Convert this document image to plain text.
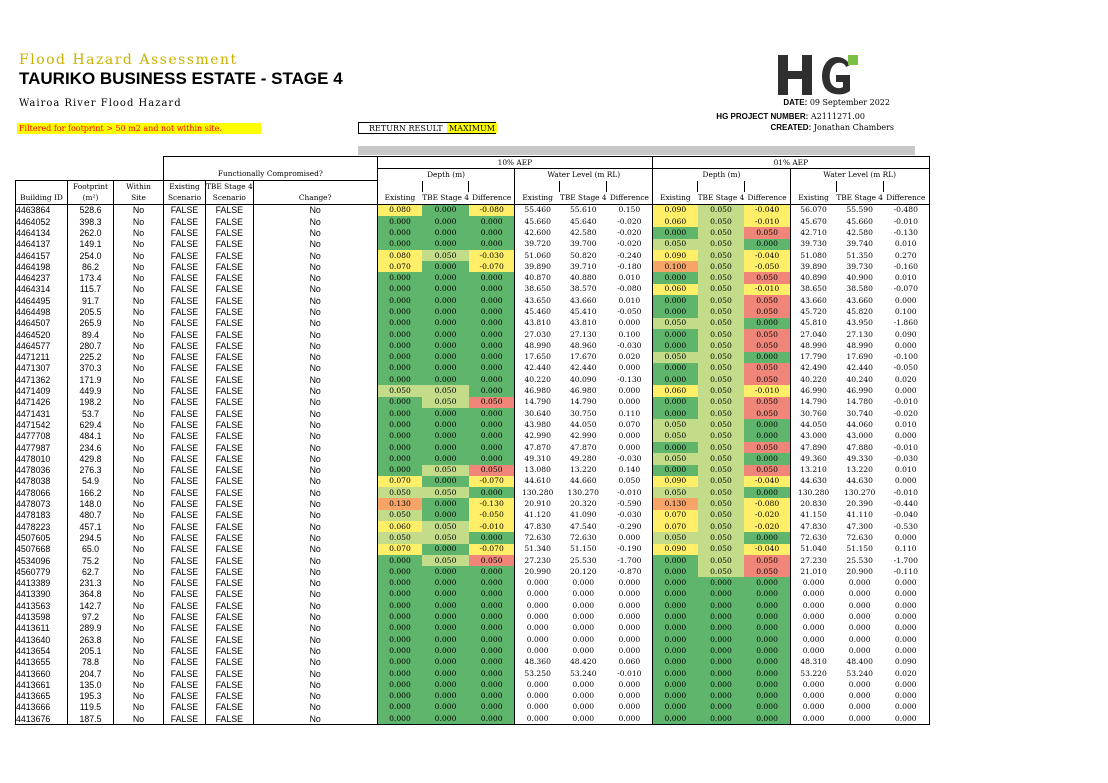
Flood Hazard Assessment
TAURIKO BUSINESS ESTATE - STAGE 4
Wairoa River Flood Hazard
Filtered for footprint > 50 m2 and not within site.	RETURN RESULT MAXIMUM
DATE: 09 September 2022
HG PROJECT NUMBER: A2111271.00
CREATED: Jonathan Chambers
						10% AEP						01% AEP					
			Functionally Compromised?			Depth (m)			Water Level (m RL)			Depth (m)			Water Level (m RL)		
	Footprint	Within	Existing	TBE Stage 4													
Building ID	(m²)	Site	Scenario	Scenario	Change?	Existing	TBE Stage 4	Difference	Existing	TBE Stage 4	Difference	Existing	TBE Stage 4	Difference	Existing	TBE Stage 4	Difference
4463864	528.6	No	FALSE	FALSE	No	0.080	0.000	-0.080	55.460	55.610	0.150	0.090	0.050	-0.040	56.070	55.590	-0.480
4464052	398.3	No	FALSE	FALSE	No	0.000	0.000	0.000	45.660	45.640	-0.020	0.060	0.050	-0.010	45.670	45.660	-0.010
4464134	262.0	No	FALSE	FALSE	No	0.000	0.000	0.000	42.600	42.580	-0.020	0.000	0.050	0.050	42.710	42.580	-0.130
4464137	149.1	No	FALSE	FALSE	No	0.000	0.000	0.000	39.720	39.700	-0.020	0.050	0.050	0.000	39.730	39.740	0.010
4464157	254.0	No	FALSE	FALSE	No	0.080	0.050	-0.030	51.060	50.820	-0.240	0.090	0.050	-0.040	51.080	51.350	0.270
4464198	86.2	No	FALSE	FALSE	No	0.070	0.000	-0.070	39.890	39.710	-0.180	0.100	0.050	-0.050	39.890	39.730	-0.160
4464237	173.4	No	FALSE	FALSE	No	0.000	0.000	0.000	40.870	40.880	0.010	0.000	0.050	0.050	40.890	40.900	0.010
4464314	115.7	No	FALSE	FALSE	No	0.000	0.000	0.000	38.650	38.570	-0.080	0.060	0.050	-0.010	38.650	38.580	-0.070
4464495	91.7	No	FALSE	FALSE	No	0.000	0.000	0.000	43.650	43.660	0.010	0.000	0.050	0.050	43.660	43.660	0.000
4464498	205.5	No	FALSE	FALSE	No	0.000	0.000	0.000	45.460	45.410	-0.050	0.000	0.050	0.050	45.720	45.820	0.100
4464507	265.9	No	FALSE	FALSE	No	0.000	0.000	0.000	43.810	43.810	0.000	0.050	0.050	0.000	45.810	43.950	-1.860
4464520	89.4	No	FALSE	FALSE	No	0.000	0.000	0.000	27.030	27.130	0.100	0.000	0.050	0.050	27.040	27.130	0.090
4464577	280.7	No	FALSE	FALSE	No	0.000	0.000	0.000	48.990	48.960	-0.030	0.000	0.050	0.050	48.990	48.990	0.000
4471211	225.2	No	FALSE	FALSE	No	0.000	0.000	0.000	17.650	17.670	0.020	0.050	0.050	0.000	17.790	17.690	-0.100
4471307	370.3	No	FALSE	FALSE	No	0.000	0.000	0.000	42.440	42.440	0.000	0.000	0.050	0.050	42.490	42.440	-0.050
4471362	171.9	No	FALSE	FALSE	No	0.000	0.000	0.000	40.220	40.090	-0.130	0.000	0.050	0.050	40.220	40.240	0.020
4471409	449.9	No	FALSE	FALSE	No	0.050	0.050	0.000	46.980	46.980	0.000	0.060	0.050	-0.010	46.990	46.990	0.000
4471426	198.2	No	FALSE	FALSE	No	0.000	0.050	0.050	14.790	14.790	0.000	0.000	0.050	0.050	14.790	14.780	-0.010
4471431	53.7	No	FALSE	FALSE	No	0.000	0.000	0.000	30.640	30.750	0.110	0.000	0.050	0.050	30.760	30.740	-0.020
4471542	629.4	No	FALSE	FALSE	No	0.000	0.000	0.000	43.980	44.050	0.070	0.050	0.050	0.000	44.050	44.060	0.010
4477708	484.1	No	FALSE	FALSE	No	0.000	0.000	0.000	42.990	42.990	0.000	0.050	0.050	0.000	43.000	43.000	0.000
4477987	234.6	No	FALSE	FALSE	No	0.000	0.000	0.000	47.870	47.870	0.000	0.000	0.050	0.050	47.890	47.880	-0.010
4478010	429.8	No	FALSE	FALSE	No	0.000	0.000	0.000	49.310	49.280	-0.030	0.050	0.050	0.000	49.360	49.330	-0.030
4478036	276.3	No	FALSE	FALSE	No	0.000	0.050	0.050	13.080	13.220	0.140	0.000	0.050	0.050	13.210	13.220	0.010
4478038	54.9	No	FALSE	FALSE	No	0.070	0.000	-0.070	44.610	44.660	0.050	0.090	0.050	-0.040	44.630	44.630	0.000
4478066	166.2	No	FALSE	FALSE	No	0.050	0.050	0.000	130.280	130.270	-0.010	0.050	0.050	0.000	130.280	130.270	-0.010
4478073	148.0	No	FALSE	FALSE	No	0.130	0.000	-0.130	20.910	20.320	-0.590	0.130	0.050	-0.080	20.830	20.390	-0.440
4478183	480.7	No	FALSE	FALSE	No	0.050	0.000	-0.050	41.120	41.090	-0.030	0.070	0.050	-0.020	41.150	41.110	-0.040
4478223	457.1	No	FALSE	FALSE	No	0.060	0.050	-0.010	47.830	47.540	-0.290	0.070	0.050	-0.020	47.830	47.300	-0.530
4507605	294.5	No	FALSE	FALSE	No	0.050	0.050	0.000	72.630	72.630	0.000	0.050	0.050	0.000	72.630	72.630	0.000
4507668	65.0	No	FALSE	FALSE	No	0.070	0.000	-0.070	51.340	51.150	-0.190	0.090	0.050	-0.040	51.040	51.150	0.110
4534096	75.2	No	FALSE	FALSE	No	0.000	0.050	0.050	27.230	25.530	-1.700	0.000	0.050	0.050	27.230	25.530	-1.700
4560779	62.7	No	FALSE	FALSE	No	0.000	0.000	0.000	20.990	20.120	-0.870	0.000	0.050	0.050	21.010	20.900	-0.110
4413389	231.3	No	FALSE	FALSE	No	0.000	0.000	0.000	0.000	0.000	0.000	0.000	0.000	0.000	0.000	0.000	0.000
4413390	364.8	No	FALSE	FALSE	No	0.000	0.000	0.000	0.000	0.000	0.000	0.000	0.000	0.000	0.000	0.000	0.000
4413563	142.7	No	FALSE	FALSE	No	0.000	0.000	0.000	0.000	0.000	0.000	0.000	0.000	0.000	0.000	0.000	0.000
4413598	97.2	No	FALSE	FALSE	No	0.000	0.000	0.000	0.000	0.000	0.000	0.000	0.000	0.000	0.000	0.000	0.000
4413611	289.9	No	FALSE	FALSE	No	0.000	0.000	0.000	0.000	0.000	0.000	0.000	0.000	0.000	0.000	0.000	0.000
4413640	263.8	No	FALSE	FALSE	No	0.000	0.000	0.000	0.000	0.000	0.000	0.000	0.000	0.000	0.000	0.000	0.000
4413654	205.1	No	FALSE	FALSE	No	0.000	0.000	0.000	0.000	0.000	0.000	0.000	0.000	0.000	0.000	0.000	0.000
4413655	78.8	No	FALSE	FALSE	No	0.000	0.000	0.000	48.360	48.420	0.060	0.000	0.000	0.000	48.310	48.400	0.090
4413660	204.7	No	FALSE	FALSE	No	0.000	0.000	0.000	53.250	53.240	-0.010	0.000	0.000	0.000	53.220	53.240	0.020
4413661	135.0	No	FALSE	FALSE	No	0.000	0.000	0.000	0.000	0.000	0.000	0.000	0.000	0.000	0.000	0.000	0.000
4413665	195.3	No	FALSE	FALSE	No	0.000	0.000	0.000	0.000	0.000	0.000	0.000	0.000	0.000	0.000	0.000	0.000
4413666	119.5	No	FALSE	FALSE	No	0.000	0.000	0.000	0.000	0.000	0.000	0.000	0.000	0.000	0.000	0.000	0.000
4413676	187.5	No	FALSE	FALSE	No	0.000	0.000	0.000	0.000	0.000	0.000	0.000	0.000	0.000	0.000	0.000	0.000
